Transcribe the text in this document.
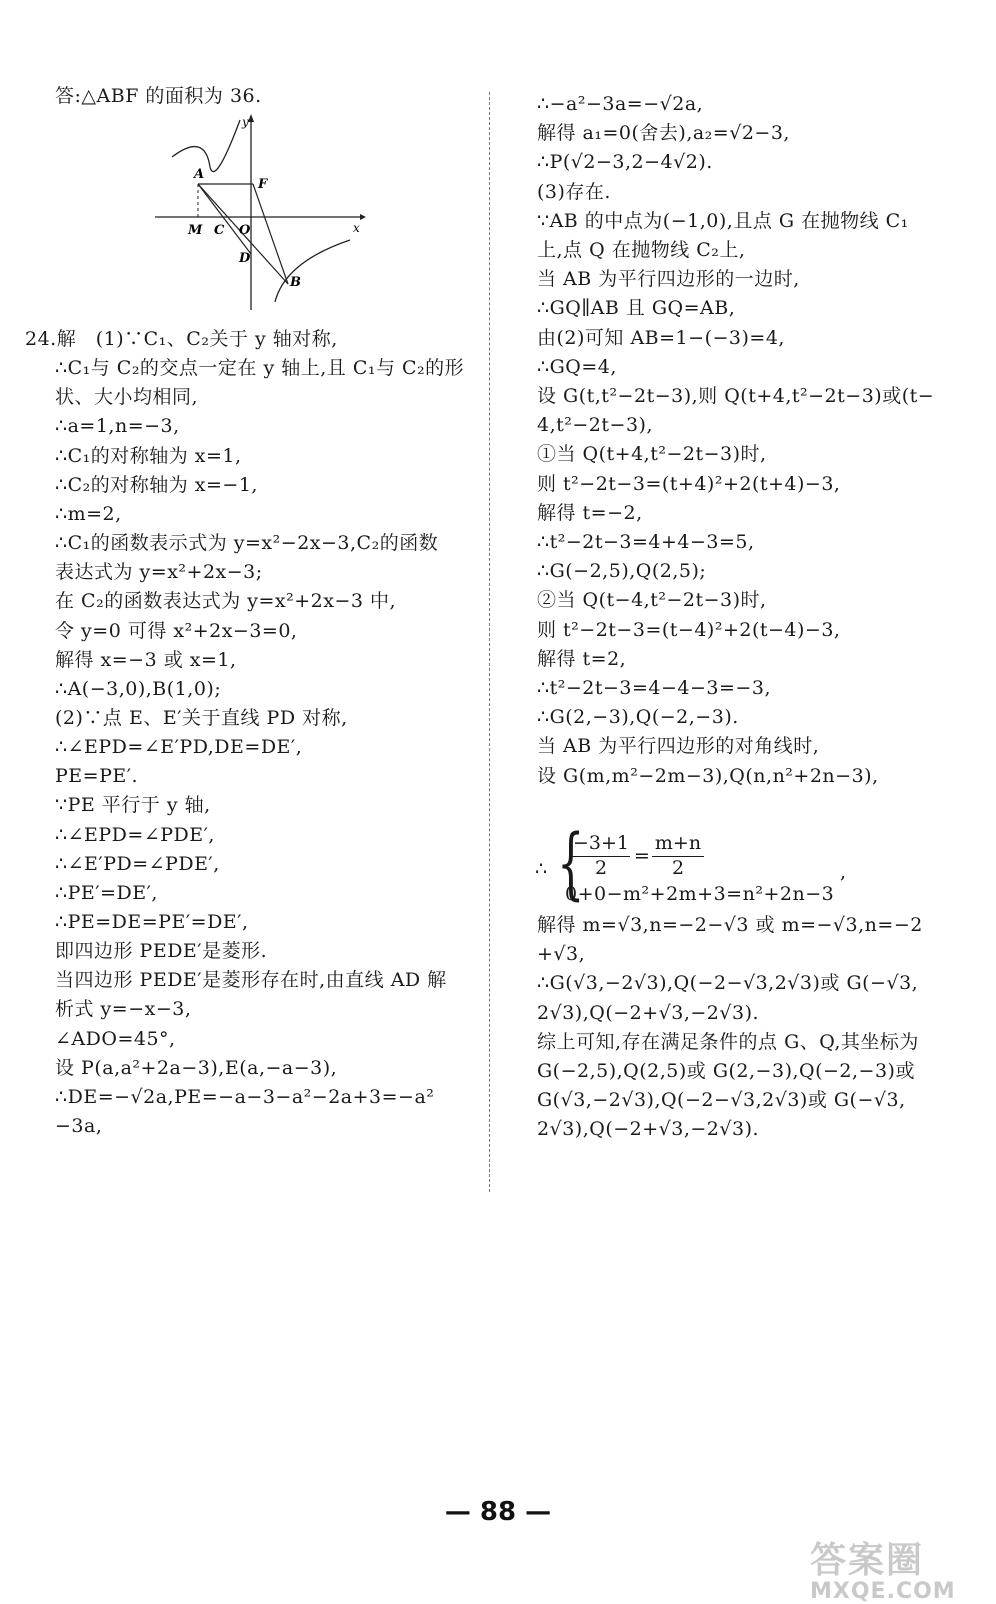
答:△ABF 的面积为 36.
y
x
A
F
M C O
D
B
24.解　(1)∵C₁、C₂关于 y 轴对称,
∴C₁与 C₂的交点一定在 y 轴上,且 C₁与 C₂的形
状、大小均相同,
∴a=1,n=−3,
∴C₁的对称轴为 x=1,
∴C₂的对称轴为 x=−1,
∴m=2,
∴C₁的函数表示式为 y=x²−2x−3,C₂的函数
表达式为 y=x²+2x−3;
在 C₂的函数表达式为 y=x²+2x−3 中,
令 y=0 可得 x²+2x−3=0,
解得 x=−3 或 x=1,
∴A(−3,0),B(1,0);
(2)∵点 E、E′关于直线 PD 对称,
∴∠EPD=∠E′PD,DE=DE′,
PE=PE′.
∵PE 平行于 y 轴,
∴∠EPD=∠PDE′,
∴∠E′PD=∠PDE′,
∴PE′=DE′,
∴PE=DE=PE′=DE′,
即四边形 PEDE′是菱形.
当四边形 PEDE′是菱形存在时,由直线 AD 解
析式 y=−x−3,
∠ADO=45°,
设 P(a,a²+2a−3),E(a,−a−3),
∴DE=−√2a,PE=−a−3−a²−2a+3=−a²
−3a,
∴−a²−3a=−√2a,
解得 a₁=0(舍去),a₂=√2−3,
∴P(√2−3,2−4√2).
(3)存在.
∵AB 的中点为(−1,0),且点 G 在抛物线 C₁
上,点 Q 在抛物线 C₂上,
当 AB 为平行四边形的一边时,
∴GQ∥AB 且 GQ=AB,
由(2)可知 AB=1−(−3)=4,
∴GQ=4,
设 G(t,t²−2t−3),则 Q(t+4,t²−2t−3)或(t−
4,t²−2t−3),
①当 Q(t+4,t²−2t−3)时,
则 t²−2t−3=(t+4)²+2(t+4)−3,
解得 t=−2,
∴t²−2t−3=4+4−3=5,
∴G(−2,5),Q(2,5);
②当 Q(t−4,t²−2t−3)时,
则 t²−2t−3=(t−4)²+2(t−4)−3,
解得 t=2,
∴t²−2t−3=4−4−3=−3,
∴G(2,−3),Q(−2,−3).
当 AB 为平行四边形的对角线时,
设 G(m,m²−2m−3),Q(n,n²+2n−3),
∴ {
−3+1
2
=
m+n
2	,
0+0−m²+2m+3=n²+2n−3
解得 m=√3,n=−2−√3 或 m=−√3,n=−2
+√3,
∴G(√3,−2√3),Q(−2−√3,2√3)或 G(−√3,
2√3),Q(−2+√3,−2√3).
综上可知,存在满足条件的点 G、Q,其坐标为
G(−2,5),Q(2,5)或 G(2,−3),Q(−2,−3)或
G(√3,−2√3),Q(−2−√3,2√3)或 G(−√3,
2√3),Q(−2+√3,−2√3).
— 88 —
答案圈
MXQE.COM
